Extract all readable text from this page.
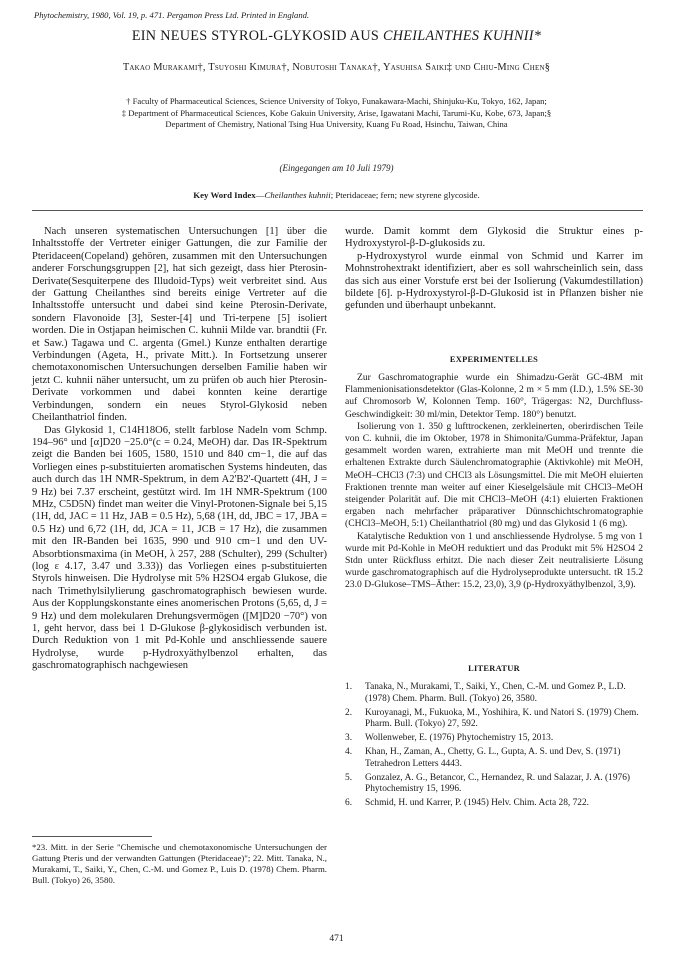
Phytochemistry, 1980, Vol. 19, p. 471. Pergamon Press Ltd. Printed in England.
EIN NEUES STYROL-GLYKOSID AUS CHEILANTHES KUHNII*
Takao Murakami†, Tsuyoshi Kimura†, Nobutoshi Tanaka†, Yasuhisa Saiki‡ und Chiu-Ming Chen§
† Faculty of Pharmaceutical Sciences, Science University of Tokyo, Funakawara-Machi, Shinjuku-Ku, Tokyo, 162, Japan;
‡ Department of Pharmaceutical Sciences, Kobe Gakuin University, Arise, Igawatani Machi, Tarumi-Ku, Kobe, 673, Japan;§
Department of Chemistry, National Tsing Hua University, Kuang Fu Road, Hsinchu, Taiwan, China
(Eingegangen am 10 Juli 1979)
Key Word Index—Cheilanthes kuhnii; Pteridaceae; fern; new styrene glycoside.

Nach unseren systematischen Untersuchungen [1] über die Inhaltsstoffe der Vertreter einiger Gattungen, die zur Familie der Pteridaceen(Copeland) gehören, zusammen mit den Untersuchungen anderer Forschungsgruppen [2], hat sich gezeigt, dass hier Pterosin-Derivate(Sesquiterpene des Illudoid-Typs) weit verbreitet sind. Aus der Gattung Cheilanthes sind bereits einige Vertreter auf die Inhaltsstoffe untersucht und dabei sind keine Pterosin-Derivate, sondern Flavonoide [3], Sester-[4] und Tri-terpene [5] isoliert worden. Die in Ostjapan heimischen C. kuhnii Milde var. brandtii (Fr. et Saw.) Tagawa und C. argenta (Gmel.) Kunze enthalten derartige Verbindungen (Ageta, H., private Mitt.). In Fortsetzung unserer chemotaxonomischen Untersuchungen derselben Familie haben wir jetzt C. kuhnii näher untersucht, um zu prüfen ob auch hier Pterosin-Derivate vorkommen und dabei konnten keine derartige Verbindungen, sondern ein neues Styrol-Glykosid neben Cheilanthatriol finden.

Das Glykosid 1, C14H18O6, stellt farblose Nadeln vom Schmp. 194–96° und [α]D20 −25.0°(c = 0.24, MeOH) dar. Das IR-Spektrum zeigt die Banden bei 1605, 1580, 1510 und 840 cm−1, die auf das Vorliegen eines p-substituierten aromatischen Systems hindeuten, das auch durch das 1H NMR-Spektrum, in dem A2'B2'-Quartett (4H, J = 9 Hz) bei 7.37 erscheint, gestützt wird. Im 1H NMR-Spektrum (100 MHz, C5D5N) findet man weiter die Vinyl-Protonen-Signale bei 5,15 (1H, dd, JAC = 11 Hz, JAB = 0.5 Hz), 5,68 (1H, dd, JBC = 17, JBA = 0.5 Hz) und 6,72 (1H, dd, JCA = 11, JCB = 17 Hz), die zusammen mit den IR-Banden bei 1635, 990 und 910 cm−1 und den UV-Absorbtionsmaxima (in MeOH, λ 257, 288 (Schulter), 299 (Schulter) (log ε 4.17, 3.47 und 3.33)) das Vorliegen eines p-substituierten Styrols hinweisen. Die Hydrolyse mit 5% H2SO4 ergab Glukose, die nach Trimethylsilylierung gaschromatographisch bewiesen wurde. Aus der Kopplungskonstante eines anomerischen Protons (5,65, d, J = 9 Hz) und dem molekularen Drehungsvermögen ([M]D20 −70°) von 1, geht hervor, dass bei 1 D-Glukose β-glykosidisch verbunden ist. Durch Reduktion von 1 mit Pd-Kohle und anschliessende sauere Hydrolyse, wurde p-Hydroxyäthylbenzol erhalten, das gaschromatographisch nachgewiesen

*23. Mitt. in der Serie "Chemische und chemotaxonomische Untersuchungen der Gattung Pteris und der verwandten Gattungen (Pteridaceae)"; 22. Mitt. Tanaka, N., Murakami, T., Saiki, Y., Chen, C.-M. und Gomez P., Luis D. (1978) Chem. Pharm. Bull. (Tokyo) 26, 3580.

wurde. Damit kommt dem Glykosid die Struktur eines p-Hydroxystyrol-β-D-glukosids zu.

p-Hydroxystyrol wurde einmal von Schmid und Karrer im Mohnstrohextrakt identifiziert, aber es soll wahrscheinlich sein, dass das sich aus einer Vorstufe erst bei der Isolierung (Vakumdestillation) bildete [6]. p-Hydroxystyrol-β-D-Glukosid ist in Pflanzen bisher nie gefunden und überhaupt unbekannt.

EXPERIMENTELLES

Zur Gaschromatographie wurde ein Shimadzu-Gerät GC-4BM mit Flammenionisationsdetektor (Glas-Kolonne, 2 m × 5 mm (I.D.), 1.5% SE-30 auf Chromosorb W, Kolonnen Temp. 160°, Trägergas: N2, Durchfluss-Geschwindigkeit: 30 ml/min, Detektor Temp. 180°) benutzt.

Isolierung von 1. 350 g lufttrockenen, zerkleinerten, oberirdischen Teile von C. kuhnii, die im Oktober, 1978 in Shimonita/Gumma-Präfektur, Japan gesammelt worden waren, extrahierte man mit MeOH und trennte die erhaltenen Extrakte durch Säulenchromatographie (Aktivkohle) mit MeOH, MeOH–CHCl3 (7:3) und CHCl3 als Lösungsmittel. Die mit MeOH eluierten Fraktionen trennte man weiter auf einer Kieselgelsäule mit CHCl3–MeOH steigender Polarität auf. Die mit CHCl3–MeOH (4:1) eluierten Fraktionen ergaben nach mehrfacher präparativer Dünnschichtschromatographie (CHCl3–MeOH, 5:1) Cheilanthatriol (80 mg) und das Glykosid 1 (6 mg).

Katalytische Reduktion von 1 und anschliessende Hydrolyse. 5 mg von 1 wurde mit Pd-Kohle in MeOH reduktiert und das Produkt mit 5% H2SO4 2 Stdn unter Rückfluss erhitzt. Die nach dieser Zeit neutralisierte Lösung wurde gaschromatographisch auf die Hydrolyseprodukte untersucht. tR 15.2 23.0 D-Glukose–TMS–Äther: 15.2, 23,0), 3,9 (p-Hydroxyäthylbenzol, 3,9).

LITERATUR
1. Tanaka, N., Murakami, T., Saiki, Y., Chen, C.-M. und Gomez P., L.D. (1978) Chem. Pharm. Bull. (Tokyo) 26, 3580.
2. Kuroyanagi, M., Fukuoka, M., Yoshihira, K. und Natori S. (1979) Chem. Pharm. Bull. (Tokyo) 27, 592.
3. Wollenweber, E. (1976) Phytochemistry 15, 2013.
4. Khan, H., Zaman, A., Chetty, G. L., Gupta, A. S. und Dev, S. (1971) Tetrahedron Letters 4443.
5. Gonzalez, A. G., Betancor, C., Hernandez, R. und Salazar, J. A. (1976) Phytochemistry 15, 1996.
6. Schmid, H. und Karrer, P. (1945) Helv. Chim. Acta 28, 722.
471
